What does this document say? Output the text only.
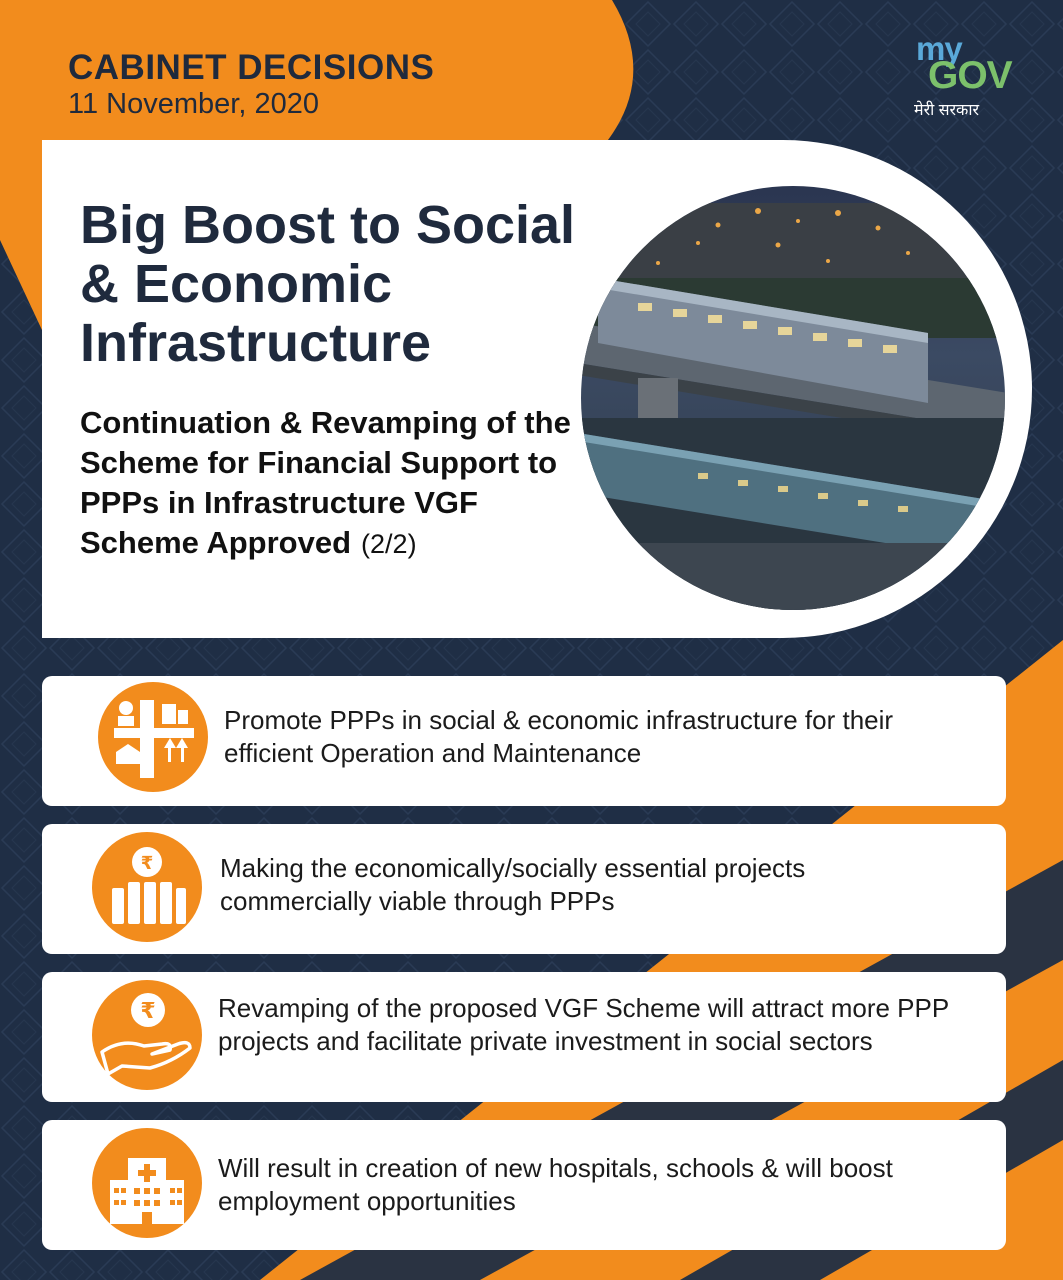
CABINET DECISIONS
11 November, 2020
my
GOV
मेरी सरकार
Big Boost to Social & Economic Infrastructure
Continuation & Revamping of the Scheme for Financial Support to PPPs in Infrastructure VGF Scheme Approved (2/2)
Promote PPPs in social & economic infrastructure for their efficient Operation and Maintenance
₹	Making the economically/socially essential projects commercially viable through PPPs
₹ Revamping of the proposed VGF Scheme will attract more PPP projects and facilitate private investment in social sectors
Will result in creation of new hospitals, schools & will boost employment opportunities
